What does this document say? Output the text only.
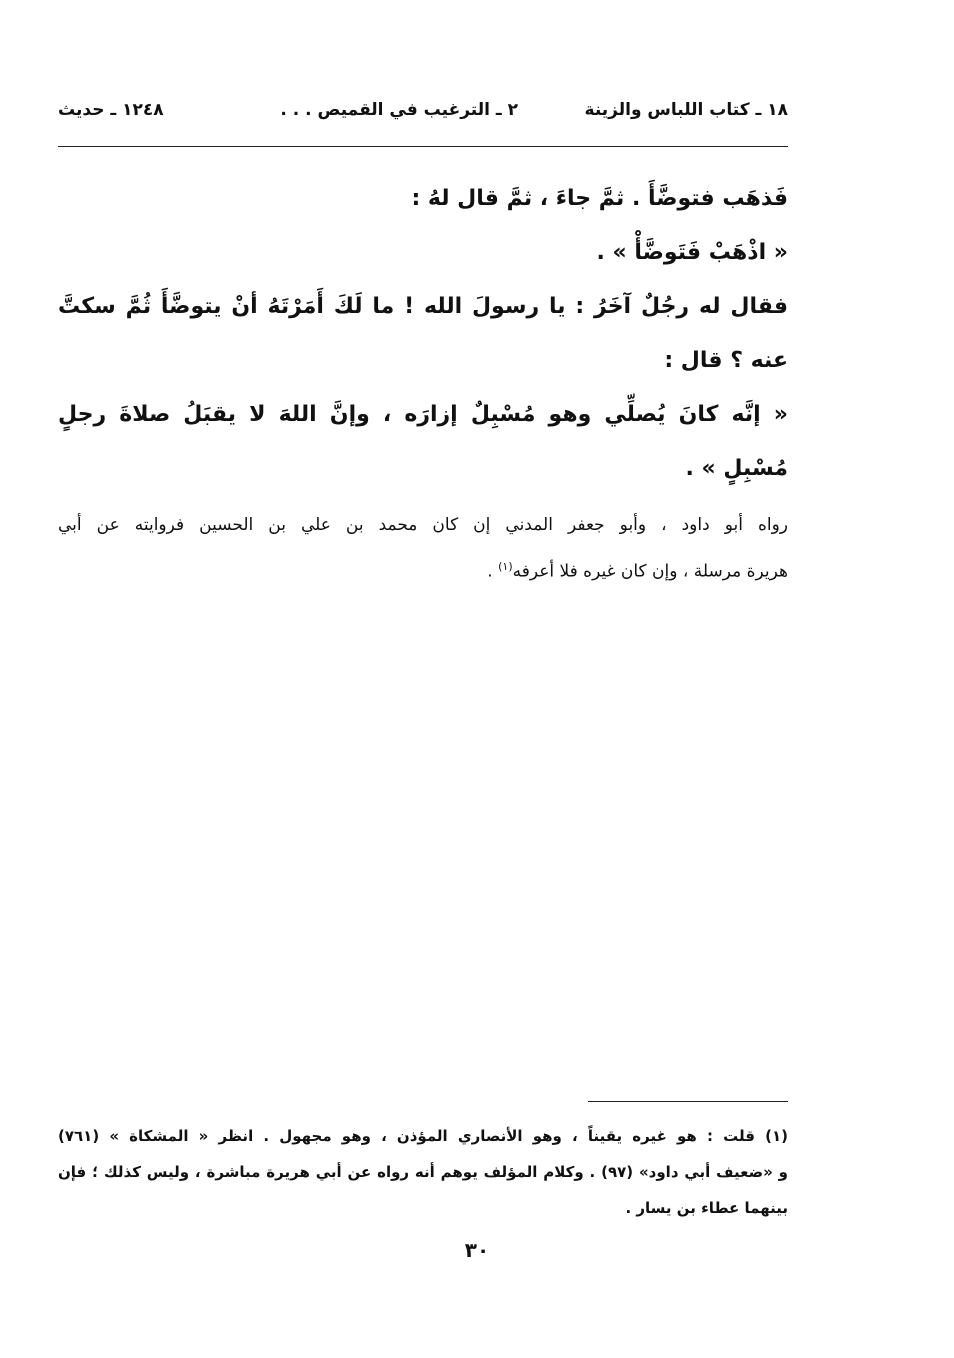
١٨ ـ كتاب اللباس والزينة
٢ ـ الترغيب في القميص . . .
١٢٤٨ ـ حديث
فَذهَب فتوضَّأَ . ثمَّ جاءَ ، ثمَّ قال لهُ :
« اذْهَبْ فَتَوضَّأْ » .
فقال له رجُلٌ آخَرُ : يا رسولَ الله ! ما لَكَ أَمَرْتَهُ أنْ يتوضَّأَ ثُمَّ سكتَّ
عنه ؟ قال :
« إنَّه كانَ يُصلِّي وهو مُسْبِلٌ إزارَه ، وإنَّ اللهَ لا يقبَلُ صلاةَ رجلٍ
مُسْبِلٍ » .
رواه أبو داود ، وأبو جعفر المدني إن كان محمد بن علي بن الحسين فروايته عن أبي
هريرة مرسلة ، وإن كان غيره فلا أعرفه$^{(١)}$ .
(١) قلت : هو غيره يقيناً ، وهو الأنصاري المؤذن ، وهو مجهول . انظر « المشكاة » (٧٦١)
و «ضعيف أبي داود» (٩٧) . وكلام المؤلف يوهم أنه رواه عن أبي هريرة مباشرة ، وليس كذلك ؛ فإن
بينهما عطاء بن يسار .
٣٠
